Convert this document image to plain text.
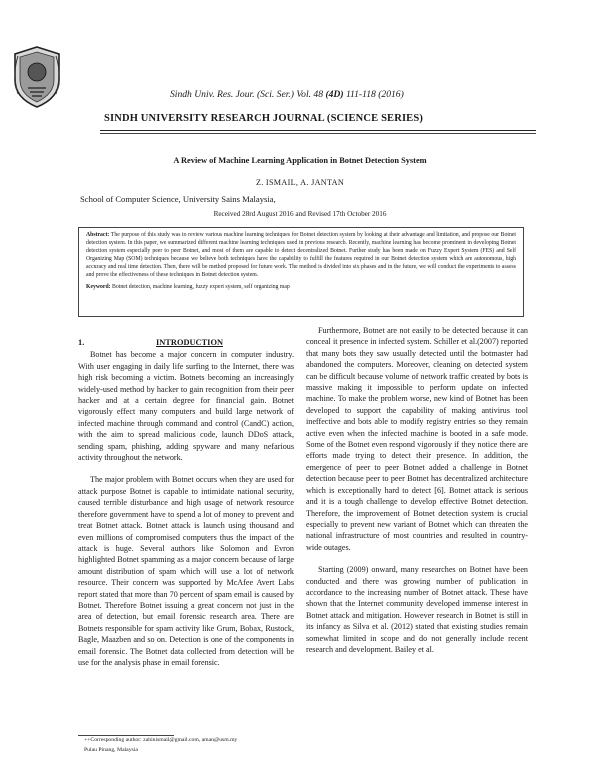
Sindh Univ. Res. Jour. (Sci. Ser.) Vol. 48 (4D) 111-118 (2016)
SINDH UNIVERSITY RESEARCH JOURNAL (SCIENCE SERIES)
A Review of Machine Learning Application in Botnet Detection System
Z. ISMAIL, A. JANTAN
School of Computer Science, University Sains Malaysia,
Received 28rd August 2016 and Revised 17th October 2016

Abstract: The purpose of this study was to review various machine learning techniques for Botnet detection system by looking at their advantage and limitation, and propose our Botnet detection system. In this paper, we summarized different machine learning techniques used in previous research. Recently, machine learning has become prominent in developing Botnet detection system especially peer to peer Botnet, and most of them are capable to detect decentralized Botnet. Further study has been made on Fuzzy Expert System (FES) and Self Organizing Map (SOM) techniques because we believe both techniques have the capability to fulfill the features required in our Botnet detection system which are autonomous, high accuracy and real time detection. Then, there will be method proposed for future work. The method is divided into six phases and in the future, we will conduct the experiments to assess and prove the effectiveness of these techniques in Botnet detection system.

Keyword: Botnet detection, machine learning, fuzzy expert system, self organizing map

1.	INTRODUCTION

Botnet has become a major concern in computer industry. With user engaging in daily life surfing to the Internet, there was high risk becoming a victim. Botnets becoming an increasingly widely-used method by hacker to gain recognition from their peer hacker and at a certain degree for financial gain. Botnet vigorously effect many computers and build large network of infected machine through command and control (CandC) action, with the aim to spread malicious code, launch DDoS attack, sending spam, phishing, adding spyware and many nefarious activity throughout the network.

The major problem with Botnet occurs when they are used for attack purpose Botnet is capable to intimidate national security, caused terrible disturbance and high usage of network resource therefore government have to spend a lot of money to prevent and treat Botnet attack. Botnet attack is launch using thousand and even millions of compromised computers thus the impact of the attack is huge. Several authors like Solomon and Evron highlighted Botnet spamming as a major concern because of large amount distribution of spam which will use a lot of network resource. Their concern was supported by McAfee Avert Labs report stated that more than 70 percent of spam email is caused by Botnet. Therefore Botnet issuing a great concern not just in the area of detection, but email forensic research area. There are Botnets responsible for spam activity like Grum, Bobax, Rustock, Bagle, Maazben and so on. Detection is one of the components in email forensic. The Botnet data collected from detection will be use for the analysis phase in email forensic.

Furthermore, Botnet are not easily to be detected because it can conceal it presence in infected system. Schiller et al.(2007) reported that many bots they saw usually detected until the botmaster had abandoned the computers. Moreover, cleaning on detected system can be difficult because volume of network traffic created by bots is massive making it impossible to perform update on infected machine. To make the problem worse, new kind of Botnet has been developed to support the capability of making antivirus tool ineffective and bots able to modify registry entries so they remain active even when the infected machine is booted in a safe mode. Some of the Botnet even respond vigorously if they notice there are efforts made trying to detect their presence. In addition, the emergence of peer to peer Botnet added a challenge in Botnet detection because peer to peer Botnet has decentralized architecture which is exceptionally hard to detect [6]. Botnet attack is serious and it is a tough challenge to develop effective Botnet detection. Therefore, the improvement of Botnet detection system is crucial especially to prevent new variant of Botnet which can threaten the national infrastructure of most countries and resulted in country-wide outages.

Starting (2009) onward, many researches on Botnet have been conducted and there was growing number of publication in accordance to the increasing number of Botnet attack. These have shown that the Internet community developed immense interest in Botnet attack and mitigation. However research in Botnet is still in its infancy as Silva et al. (2012) stated that existing studies remain somewhat limited in scope and do not generally include recent research and development. Bailey et al.

++Corresponding author: zahinismail@gmail.com, aman@usm.my
Pulau Pinang, Malaysia
